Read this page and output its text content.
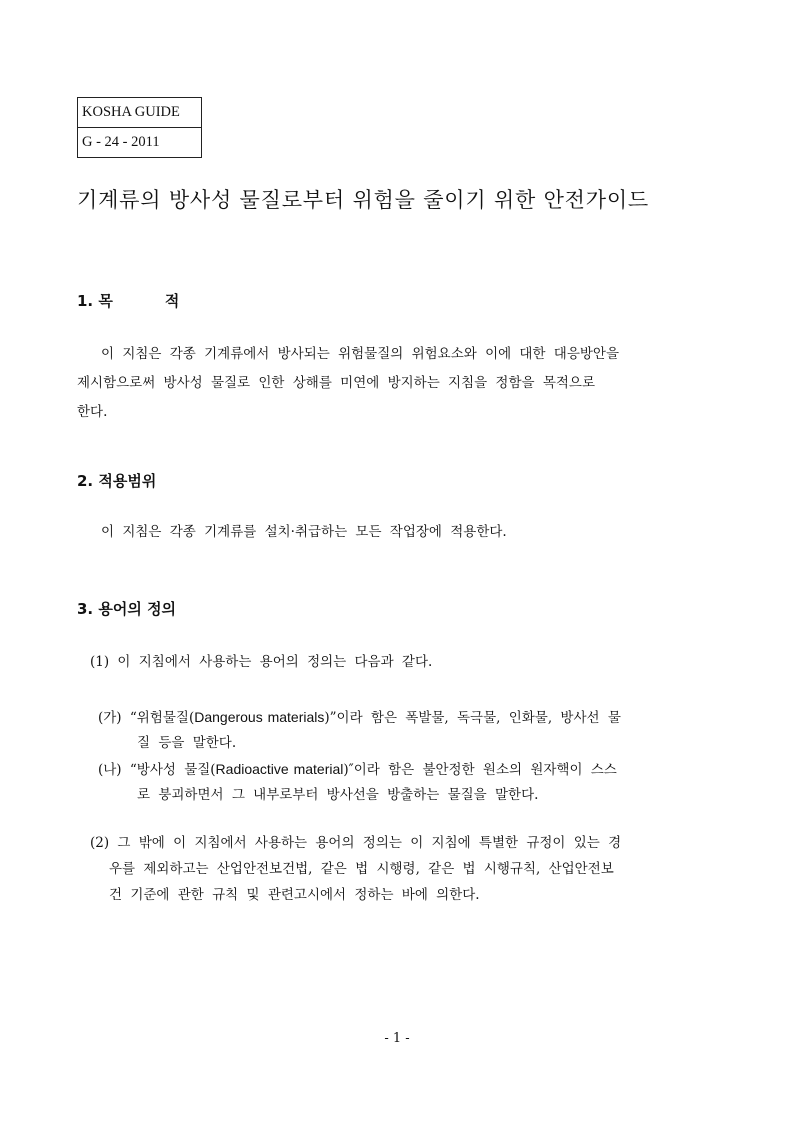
KOSHA GUIDE
G - 24 - 2011
기계류의 방사성 물질로부터 위험을 줄이기 위한 안전가이드
1. 목	적
이 지침은 각종 기계류에서 방사되는 위험물질의 위험요소와 이에 대한 대응방안을
제시함으로써 방사성 물질로 인한 상해를 미연에 방지하는 지침을 정함을 목적으로
한다.
2. 적용범위
이 지침은 각종 기계류를 설치·취급하는 모든 작업장에 적용한다.
3. 용어의 정의
(1) 이 지침에서 사용하는 용어의 정의는 다음과 같다.
(가) “위험물질(Dangerous materials)”이라 함은 폭발물, 독극물, 인화물, 방사선 물
질 등을 말한다.
(나) “방사성 물질(Radioactive material)″이라 함은 불안정한 원소의 원자핵이 스스
로 붕괴하면서 그 내부로부터 방사선을 방출하는 물질을 말한다.
(2) 그 밖에 이 지침에서 사용하는 용어의 정의는 이 지침에 특별한 규정이 있는 경
우를 제외하고는 산업안전보건법, 같은 법 시행령, 같은 법 시행규칙, 산업안전보
건 기준에 관한 규칙 및 관련고시에서 정하는 바에 의한다.
- 1 -
